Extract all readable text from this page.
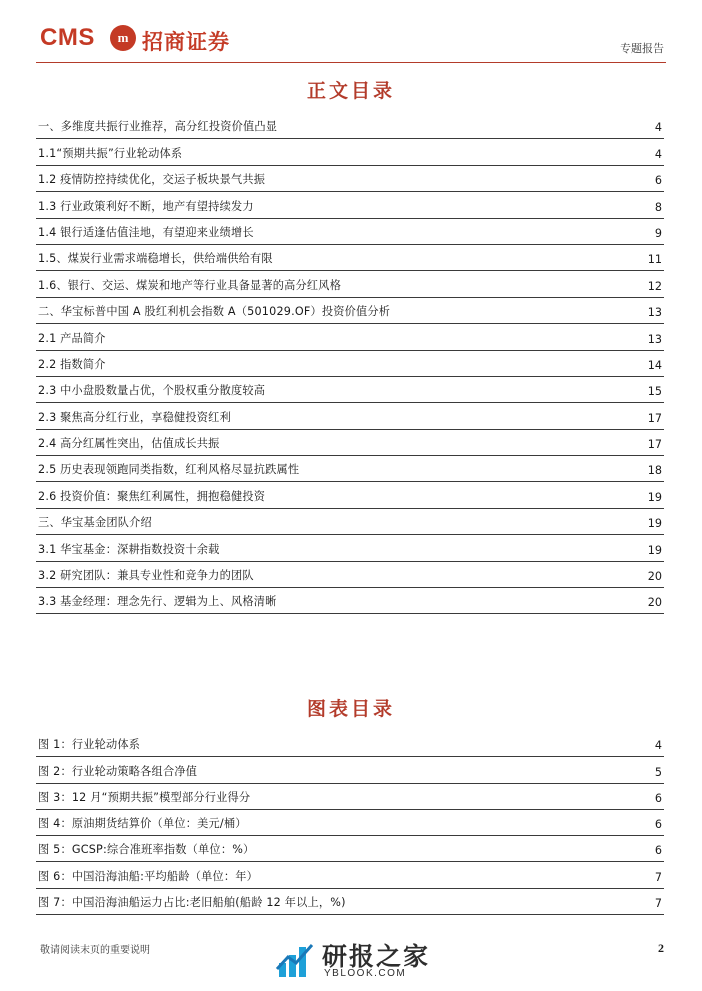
CMS	m 招商证券	专题报告
正文目录
一、多维度共振行业推荐，高分红投资价值凸显	4
1.1“预期共振”行业轮动体系	4
1.2 疫情防控持续优化，交运子板块景气共振	6
1.3 行业政策利好不断，地产有望持续发力	8
1.4 银行适逢估值洼地，有望迎来业绩增长	9
1.5、煤炭行业需求端稳增长，供给端供给有限	11
1.6、银行、交运、煤炭和地产等行业具备显著的高分红风格	12
二、华宝标普中国 A 股红利机会指数 A（501029.OF）投资价值分析	13
2.1 产品简介	13
2.2 指数简介	14
2.3 中小盘股数量占优，个股权重分散度较高	15
2.3 聚焦高分红行业，享稳健投资红利	17
2.4 高分红属性突出，估值成长共振	17
2.5 历史表现领跑同类指数，红利风格尽显抗跌属性	18
2.6 投资价值：聚焦红利属性，拥抱稳健投资	19
三、华宝基金团队介绍	19
3.1 华宝基金：深耕指数投资十余载	19
3.2 研究团队：兼具专业性和竞争力的团队	20
3.3 基金经理：理念先行、逻辑为上、风格清晰	20
图表目录
图 1：行业轮动体系	4
图 2：行业轮动策略各组合净值	5
图 3：12 月“预期共振”模型部分行业得分	6
图 4：原油期货结算价（单位：美元/桶）	6
图 5：GCSP:综合准班率指数（单位：%）	6
图 6：中国沿海油船:平均船龄（单位：年）	7
图 7：中国沿海油船运力占比:老旧船舶(船龄 12 年以上，%)	7
敬请阅读末页的重要说明	研报之家
YBLOOK.COM
2
